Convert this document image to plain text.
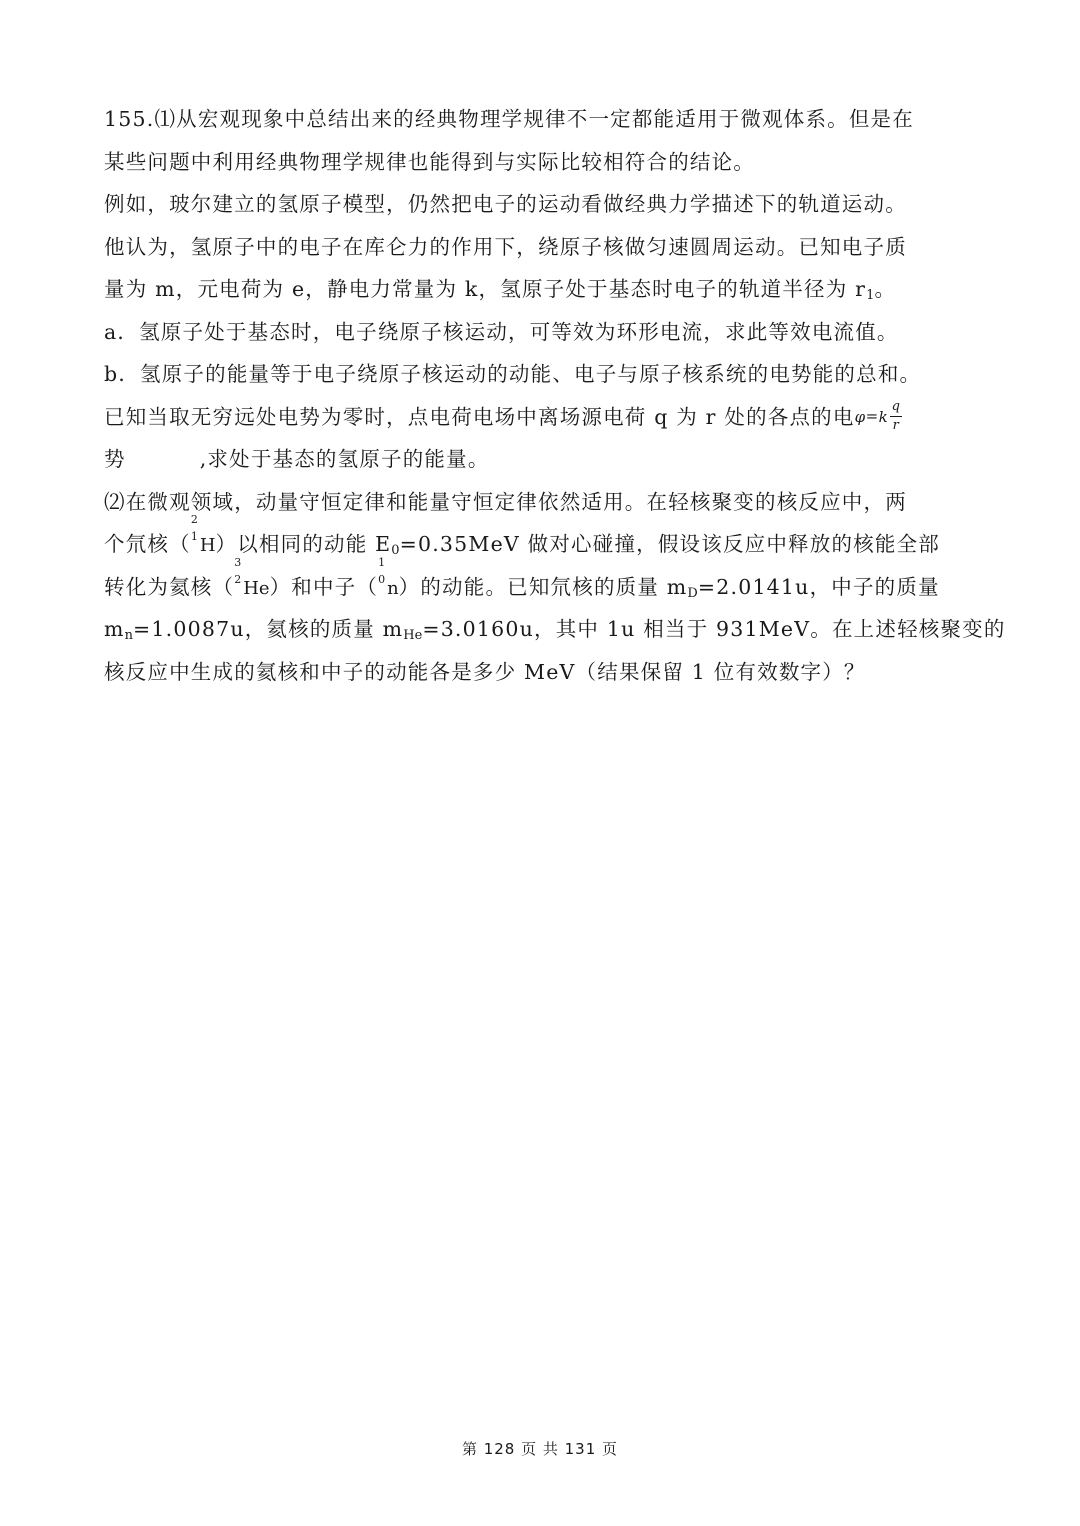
155.⑴从宏观现象中总结出来的经典物理学规律不一定都能适用于微观体系。但是在
某些问题中利用经典物理学规律也能得到与实际比较相符合的结论。
例如，玻尔建立的氢原子模型，仍然把电子的运动看做经典力学描述下的轨道运动。
他认为，氢原子中的电子在库仑力的作用下，绕原子核做匀速圆周运动。已知电子质
量为 m，元电荷为 e，静电力常量为 k，氢原子处于基态时电子的轨道半径为 $r_1$。
a．氢原子处于基态时，电子绕原子核运动，可等效为环形电流，求此等效电流值。
b．氢原子的能量等于电子绕原子核运动的动能、电子与原子核系统的电势能的总和。
已知当取无穷远处电势为零时，点电荷电场中离场源电荷 q 为 r 处的各点的电 φ = k
q
r
势	,求处于基态的氢原子的能量。
⑵在微观领域，动量守恒定律和能量守恒定律依然适用。在轻核聚变的核反应中，两
个氘核（
2
1 H）以相同的动能 $E_0=0.35MeV$ 做对心碰撞，假设该反应中释放的核能全部
转化为氦核（
3
2 He）和中子（
1
0 n）的动能。已知氘核的质量 $m_D=2.0141u$，中子的质量
$m_n=1.0087u$，氦核的质量 $m_{He}=3.0160u$，其中 1u 相当于 931MeV。在上述轻核聚变的
核反应中生成的氦核和中子的动能各是多少 MeV（结果保留 1 位有效数字）？
第 128 页 共 131 页
